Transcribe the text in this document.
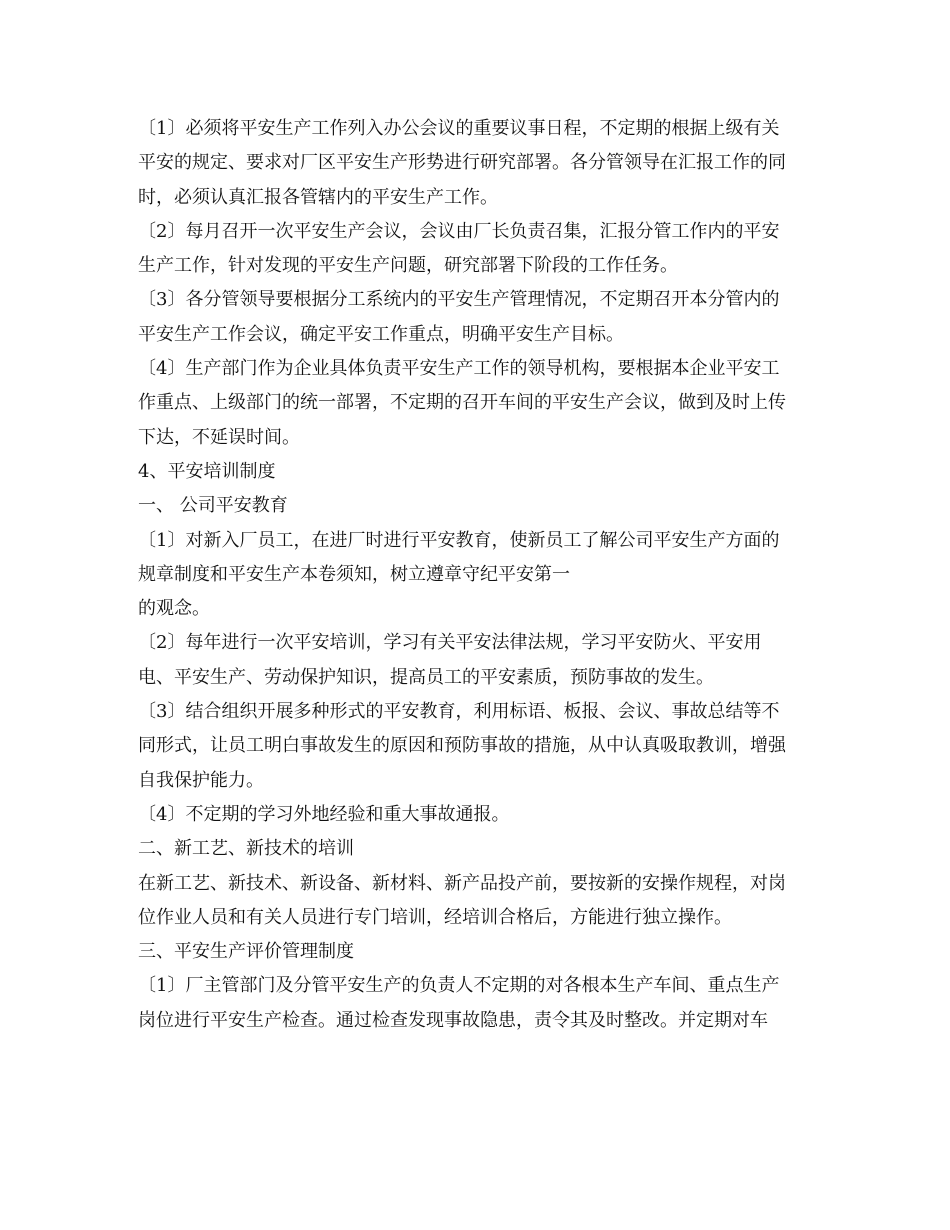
〔1〕必须将平安生产工作列入办公会议的重要议事日程，不定期的根据上级有关
平安的规定、要求对厂区平安生产形势进行研究部署。各分管领导在汇报工作的同
时，必须认真汇报各管辖内的平安生产工作。
〔2〕每月召开一次平安生产会议，会议由厂长负责召集，汇报分管工作内的平安
生产工作，针对发现的平安生产问题，研究部署下阶段的工作任务。
〔3〕各分管领导要根据分工系统内的平安生产管理情况，不定期召开本分管内的
平安生产工作会议，确定平安工作重点，明确平安生产目标。
〔4〕生产部门作为企业具体负责平安生产工作的领导机构，要根据本企业平安工
作重点、上级部门的统一部署，不定期的召开车间的平安生产会议，做到及时上传
下达，不延误时间。
4、平安培训制度
一、 公司平安教育
〔1〕对新入厂员工，在进厂时进行平安教育，使新员工了解公司平安生产方面的
规章制度和平安生产本卷须知，树立遵章守纪平安第一
的观念。
〔2〕每年进行一次平安培训，学习有关平安法律法规，学习平安防火、平安用
电、平安生产、劳动保护知识，提高员工的平安素质，预防事故的发生。
〔3〕结合组织开展多种形式的平安教育，利用标语、板报、会议、事故总结等不
同形式，让员工明白事故发生的原因和预防事故的措施，从中认真吸取教训，增强
自我保护能力。
〔4〕不定期的学习外地经验和重大事故通报。
二、新工艺、新技术的培训
在新工艺、新技术、新设备、新材料、新产品投产前，要按新的安操作规程，对岗
位作业人员和有关人员进行专门培训，经培训合格后，方能进行独立操作。
三、平安生产评价管理制度
〔1〕厂主管部门及分管平安生产的负责人不定期的对各根本生产车间、重点生产
岗位进行平安生产检查。通过检查发现事故隐患，责令其及时整改。并定期对车
